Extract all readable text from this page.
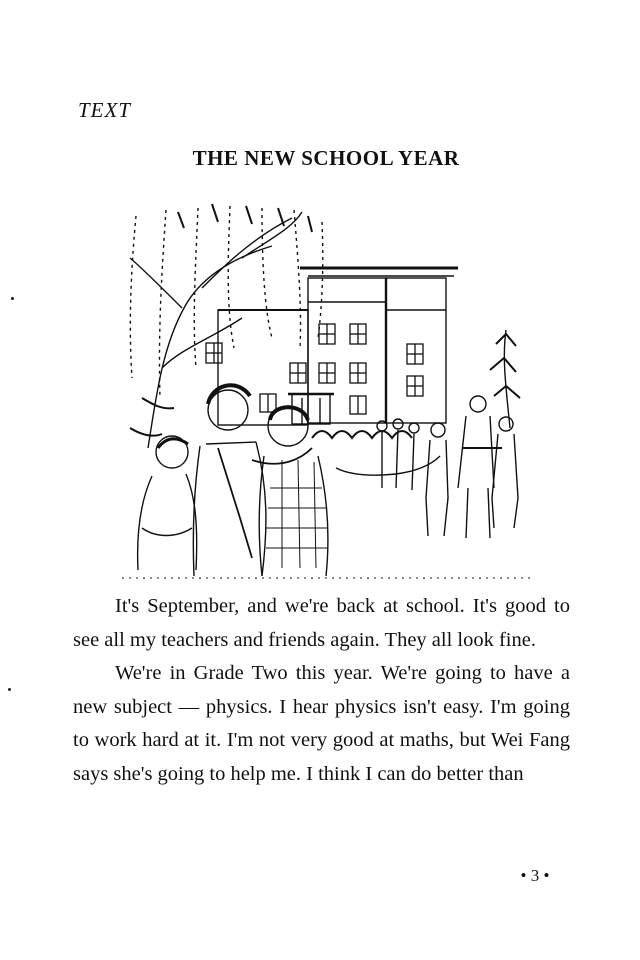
TEXT
THE NEW SCHOOL YEAR

It's September, and we're back at school. It's good to see all my teachers and friends again. They all look fine.

We're in Grade Two this year. We're going to have a new subject — physics. I hear physics isn't easy. I'm going to work hard at it. I'm not very good at maths, but Wei Fang says she's going to help me. I think I can do better than

• 3 •
